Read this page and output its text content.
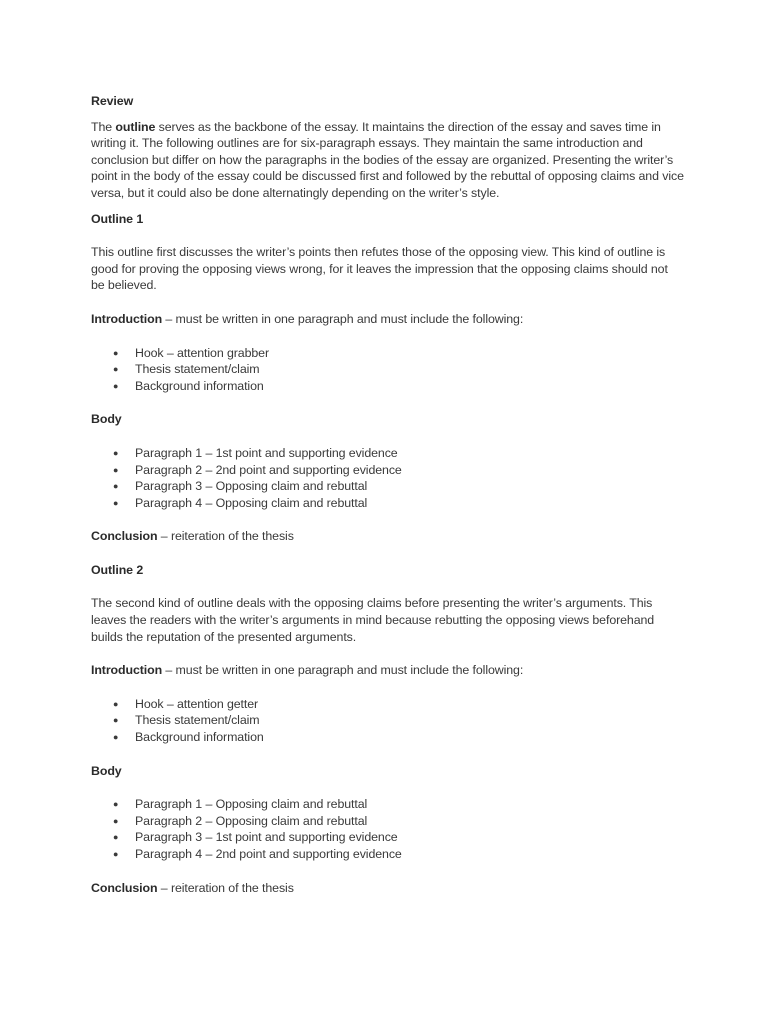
Review

The outline serves as the backbone of the essay. It maintains the direction of the essay and saves time in writing it. The following outlines are for six-paragraph essays. They maintain the same introduction and conclusion but differ on how the paragraphs in the bodies of the essay are organized. Presenting the writer’s point in the body of the essay could be discussed first and followed by the rebuttal of opposing claims and vice versa, but it could also be done alternatingly depending on the writer’s style.

Outline 1

This outline first discusses the writer’s points then refutes those of the opposing view. This kind of outline is good for proving the opposing views wrong, for it leaves the impression that the opposing claims should not be believed.

Introduction – must be written in one paragraph and must include the following:

● Hook – attention grabber
● Thesis statement/claim
● Background information
Body
● Paragraph 1 – 1st point and supporting evidence
● Paragraph 2 – 2nd point and supporting evidence
● Paragraph 3 – Opposing claim and rebuttal
● Paragraph 4 – Opposing claim and rebuttal

Conclusion – reiteration of the thesis

Outline 2

The second kind of outline deals with the opposing claims before presenting the writer’s arguments. This leaves the readers with the writer’s arguments in mind because rebutting the opposing views beforehand builds the reputation of the presented arguments.

Introduction – must be written in one paragraph and must include the following:

● Hook – attention getter
● Thesis statement/claim
● Background information
Body
● Paragraph 1 – Opposing claim and rebuttal
● Paragraph 2 – Opposing claim and rebuttal
● Paragraph 3 – 1st point and supporting evidence
● Paragraph 4 – 2nd point and supporting evidence

Conclusion – reiteration of the thesis
